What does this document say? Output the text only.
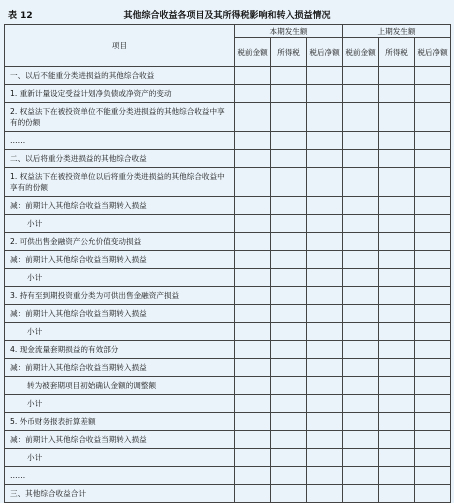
表 12	其他综合收益各项目及其所得税影响和转入损益情况
项目	本期发生额			上期发生额		
	税前金额	所得税	税后净额	税前金额	所得税	税后净额

一、以后不能重分类进损益的其他综合收益						

1. 重新计量设定受益计划净负债或净资产的变动						

2. 权益法下在被投资单位不能重分类进损益的其他综合收益中享有的份额						

……						

二、以后将重分类进损益的其他综合收益						

1. 权益法下在被投资单位以后将重分类进损益的其他综合收益中享有的份额						

减：前期计入其他综合收益当期转入损益						

小计						

2. 可供出售金融资产公允价值变动损益						

减：前期计入其他综合收益当期转入损益						

小计						

3. 持有至到期投资重分类为可供出售金融资产损益						

减：前期计入其他综合收益当期转入损益						

小计						

4. 现金流量套期损益的有效部分						

减：前期计入其他综合收益当期转入损益						

转为被套期项目初始确认金额的调整额						

小计						

5. 外币财务报表折算差额						

减：前期计入其他综合收益当期转入损益						

小计						

……						

三、其他综合收益合计						
